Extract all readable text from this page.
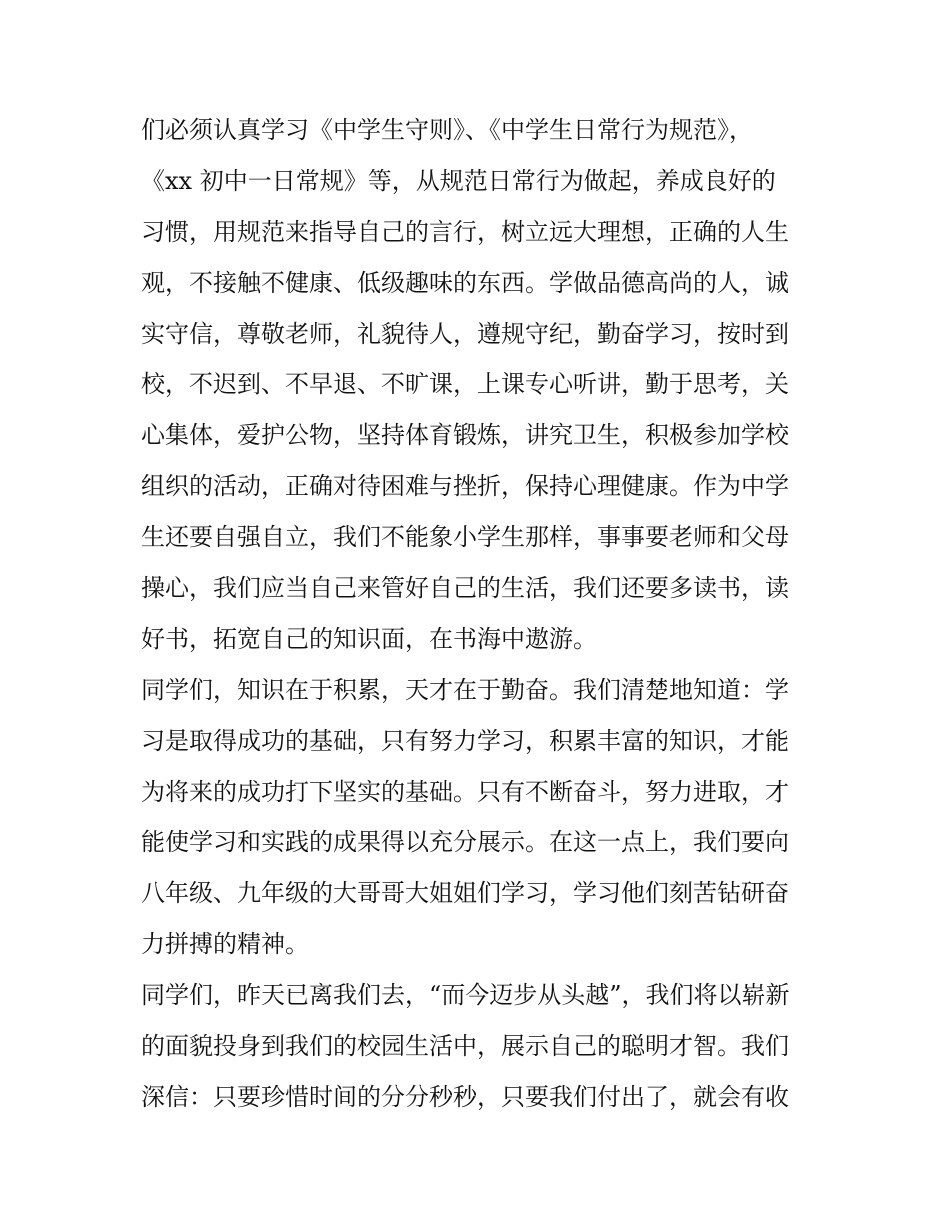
们必须认真学习《中学生守则》、《中学生日常行为规范》，
《xx 初中一日常规》等，从规范日常行为做起，养成良好的
习惯，用规范来指导自己的言行，树立远大理想，正确的人生
观，不接触不健康、低级趣味的东西。学做品德高尚的人，诚
实守信，尊敬老师，礼貌待人，遵规守纪，勤奋学习，按时到
校，不迟到、不早退、不旷课，上课专心听讲，勤于思考，关
心集体，爱护公物，坚持体育锻炼，讲究卫生，积极参加学校
组织的活动，正确对待困难与挫折，保持心理健康。作为中学
生还要自强自立，我们不能象小学生那样，事事要老师和父母
操心，我们应当自己来管好自己的生活，我们还要多读书，读
好书，拓宽自己的知识面，在书海中遨游。
同学们，知识在于积累，天才在于勤奋。我们清楚地知道：学
习是取得成功的基础，只有努力学习，积累丰富的知识，才能
为将来的成功打下坚实的基础。只有不断奋斗，努力进取，才
能使学习和实践的成果得以充分展示。在这一点上，我们要向
八年级、九年级的大哥哥大姐姐们学习，学习他们刻苦钻研奋
力拼搏的精神。
同学们，昨天已离我们去，“而今迈步从头越”，我们将以崭新
的面貌投身到我们的校园生活中，展示自己的聪明才智。我们
深信：只要珍惜时间的分分秒秒，只要我们付出了，就会有收
